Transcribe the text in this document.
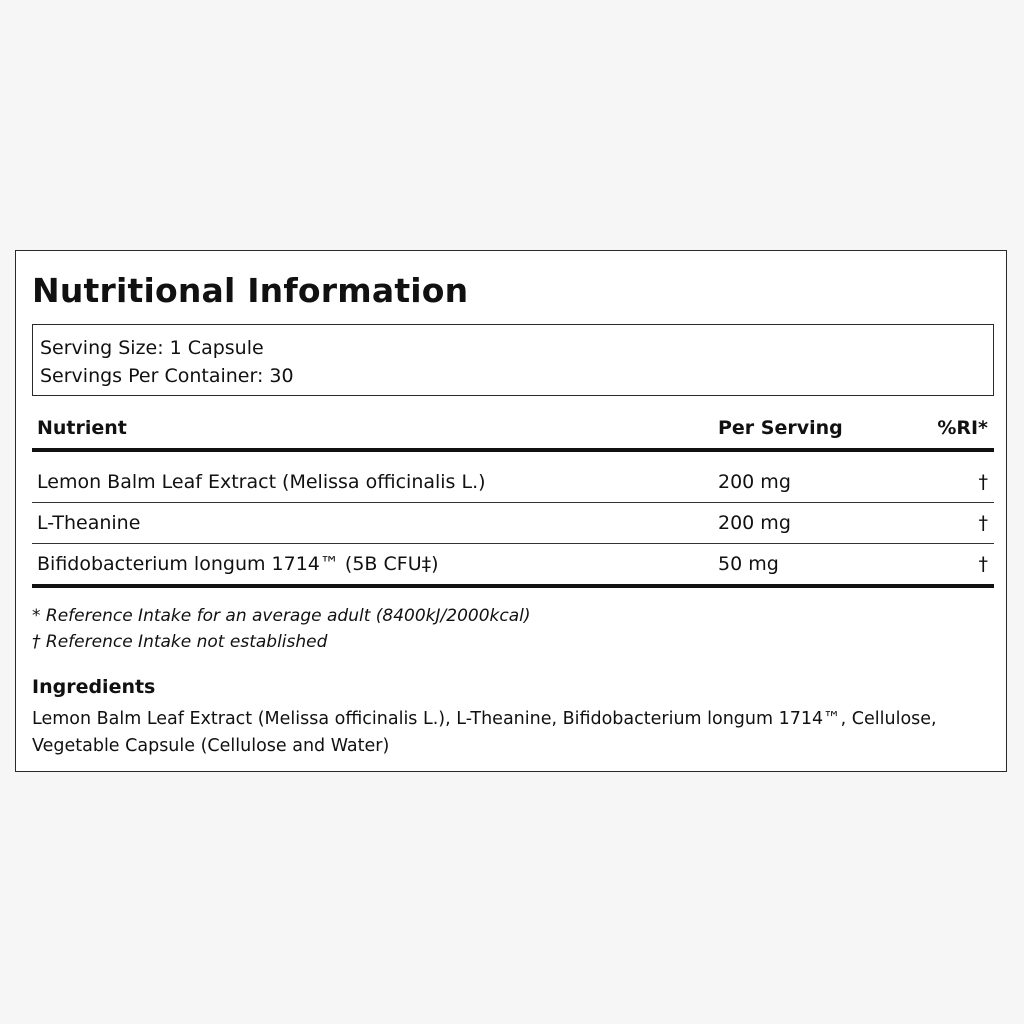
Nutritional Information
Serving Size: 1 Capsule
Servings Per Container: 30
Nutrient	Per Serving	%RI*
Lemon Balm Leaf Extract (Melissa officinalis L.)	200 mg	†
L-Theanine	200 mg	†
Bifidobacterium longum 1714™ (5B CFU‡)	50 mg	†
* Reference Intake for an average adult (8400kJ/2000kcal)
† Reference Intake not established
Ingredients

Lemon Balm Leaf Extract (Melissa officinalis L.), L-Theanine, Bifidobacterium longum 1714™, Cellulose, Vegetable Capsule (Cellulose and Water)
